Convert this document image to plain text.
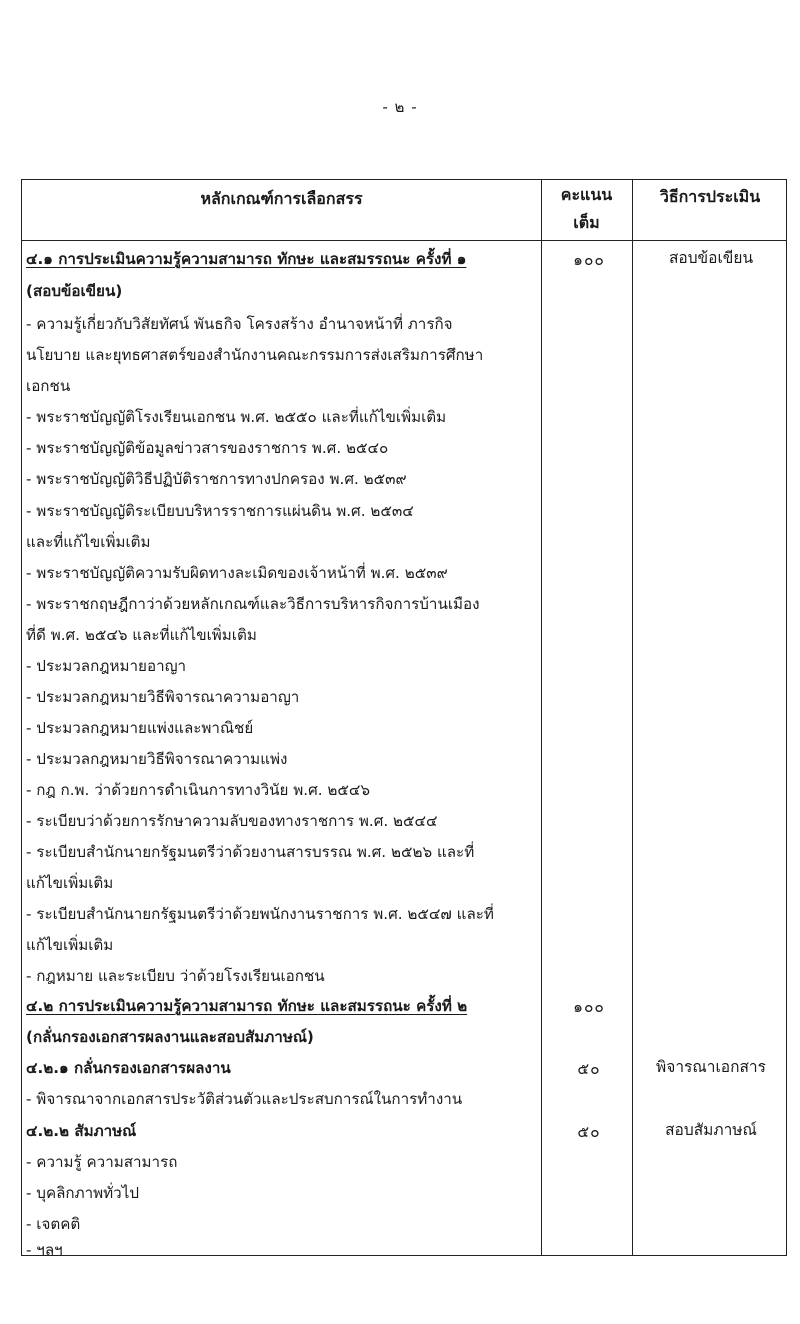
- ๒ -
หลักเกณฑ์การเลือกสรร	คะแนน
เต็ม
วิธีการประเมิน
๔.๑ การประเมินความรู้ความสามารถ ทักษะ และสมรรถนะ ครั้งที่ ๑
(สอบข้อเขียน)
- ความรู้เกี่ยวกับวิสัยทัศน์ พันธกิจ โครงสร้าง อำนาจหน้าที่ ภารกิจ
นโยบาย และยุทธศาสตร์ของสำนักงานคณะกรรมการส่งเสริมการศึกษา
เอกชน
- พระราชบัญญัติโรงเรียนเอกชน พ.ศ. ๒๕๕๐ และที่แก้ไขเพิ่มเติม
- พระราชบัญญัติข้อมูลข่าวสารของราชการ พ.ศ. ๒๕๔๐
- พระราชบัญญัติวิธีปฏิบัติราชการทางปกครอง พ.ศ. ๒๕๓๙
- พระราชบัญญัติระเบียบบริหารราชการแผ่นดิน พ.ศ. ๒๕๓๔
และที่แก้ไขเพิ่มเติม
- พระราชบัญญัติความรับผิดทางละเมิดของเจ้าหน้าที่ พ.ศ. ๒๕๓๙
- พระราชกฤษฎีกาว่าด้วยหลักเกณฑ์และวิธีการบริหารกิจการบ้านเมือง
ที่ดี พ.ศ. ๒๕๔๖ และที่แก้ไขเพิ่มเติม
- ประมวลกฎหมายอาญา
- ประมวลกฎหมายวิธีพิจารณาความอาญา
- ประมวลกฎหมายแพ่งและพาณิชย์
- ประมวลกฎหมายวิธีพิจารณาความแพ่ง
- กฎ ก.พ. ว่าด้วยการดำเนินการทางวินัย พ.ศ. ๒๕๔๖
- ระเบียบว่าด้วยการรักษาความลับของทางราชการ พ.ศ. ๒๕๔๔
- ระเบียบสำนักนายกรัฐมนตรีว่าด้วยงานสารบรรณ พ.ศ. ๒๕๒๖ และที่
แก้ไขเพิ่มเติม
- ระเบียบสำนักนายกรัฐมนตรีว่าด้วยพนักงานราชการ พ.ศ. ๒๕๔๗ และที่
แก้ไขเพิ่มเติม
- กฎหมาย และระเบียบ ว่าด้วยโรงเรียนเอกชน
๔.๒ การประเมินความรู้ความสามารถ ทักษะ และสมรรถนะ ครั้งที่ ๒
(กลั่นกรองเอกสารผลงานและสอบสัมภาษณ์)
๔.๒.๑ กลั่นกรองเอกสารผลงาน
- พิจารณาจากเอกสารประวัติส่วนตัวและประสบการณ์ในการทำงาน
๔.๒.๒ สัมภาษณ์
- ความรู้ ความสามารถ
- บุคลิกภาพทั่วไป
- เจตคติ
- ฯลฯ
๑๐๐
๑๐๐
๕๐
๕๐
สอบข้อเขียน
พิจารณาเอกสาร
สอบสัมภาษณ์
